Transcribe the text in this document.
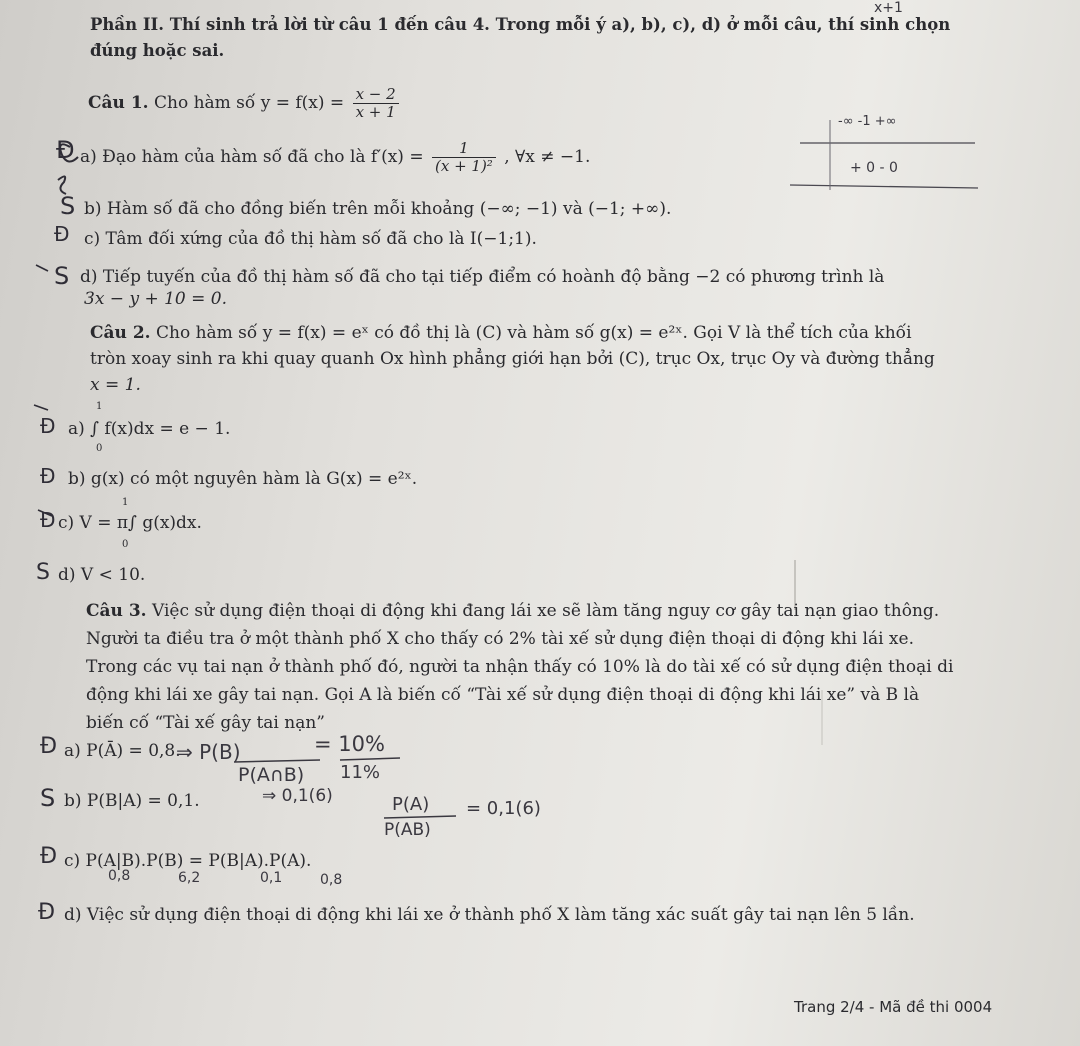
x+1
Phần II. Thí sinh trả lời từ câu 1 đến câu 4. Trong mỗi ý a), b), c), d) ở mỗi câu, thí sinh chọn
đúng hoặc sai.
Câu 1. Cho hàm số $y = f(x) = \frac{x - 2}{x + 1}$
a) Đạo hàm của hàm số đã cho là $f'(x) = \frac{1}{\text{(x + 1)²}}$ , ∀x ≠ −1.
Đ
b) Hàm số đã cho đồng biến trên mỗi khoảng (−∞; −1) và (−1; +∞).
S
c) Tâm đối xứng của đồ thị hàm số đã cho là I(−1;1).
Đ
d) Tiếp tuyến của đồ thị hàm số đã cho tại tiếp điểm có hoành độ bằng −2 có phương trình là
S
3x − y + 10 = 0.
-∞ -1 +∞
+ 0 - 0
Câu 2. Cho hàm số y = f(x) = eˣ có đồ thị là (C) và hàm số g(x) = e²ˣ. Gọi V là thể tích của khối
tròn xoay sinh ra khi quay quanh Ox hình phẳng giới hạn bởi (C), trục Ox, trục Oy và đường thẳng
x = 1.
a) ∫ f(x)dx = e − 1.
1
0
Đ
b) g(x) có một nguyên hàm là G(x) = e²ˣ.
Đ
c) V = π∫ g(x)dx.
1
0
Đ
d) V < 10.
S
Câu 3. Việc sử dụng điện thoại di động khi đang lái xe sẽ làm tăng nguy cơ gây tai nạn giao thông.
Người ta điều tra ở một thành phố X cho thấy có 2% tài xế sử dụng điện thoại di động khi lái xe.
Trong các vụ tai nạn ở thành phố đó, người ta nhận thấy có 10% là do tài xế có sử dụng điện thoại di
động khi lái xe gây tai nạn. Gọi A là biến cố “Tài xế sử dụng điện thoại di động khi lái xe” và B là
biến cố “Tài xế gây tai nạn”
a) P(Ā) = 0,8.
Đ
b) P(B|A) = 0,1.
S
c) P(A|B).P(B) = P(B|A).P(A).
Đ
d) Việc sử dụng điện thoại di động khi lái xe ở thành phố X làm tăng xác suất gây tai nạn lên 5 lần.
Đ
⇒ P(B)
P(A∩B)
= 10%
11%
⇒ 0,1(6)	P(A)
P(AB)
= 0,1(6)
0,8	6,2	0,1	0,8
Trang 2/4 - Mã đề thi 0004
